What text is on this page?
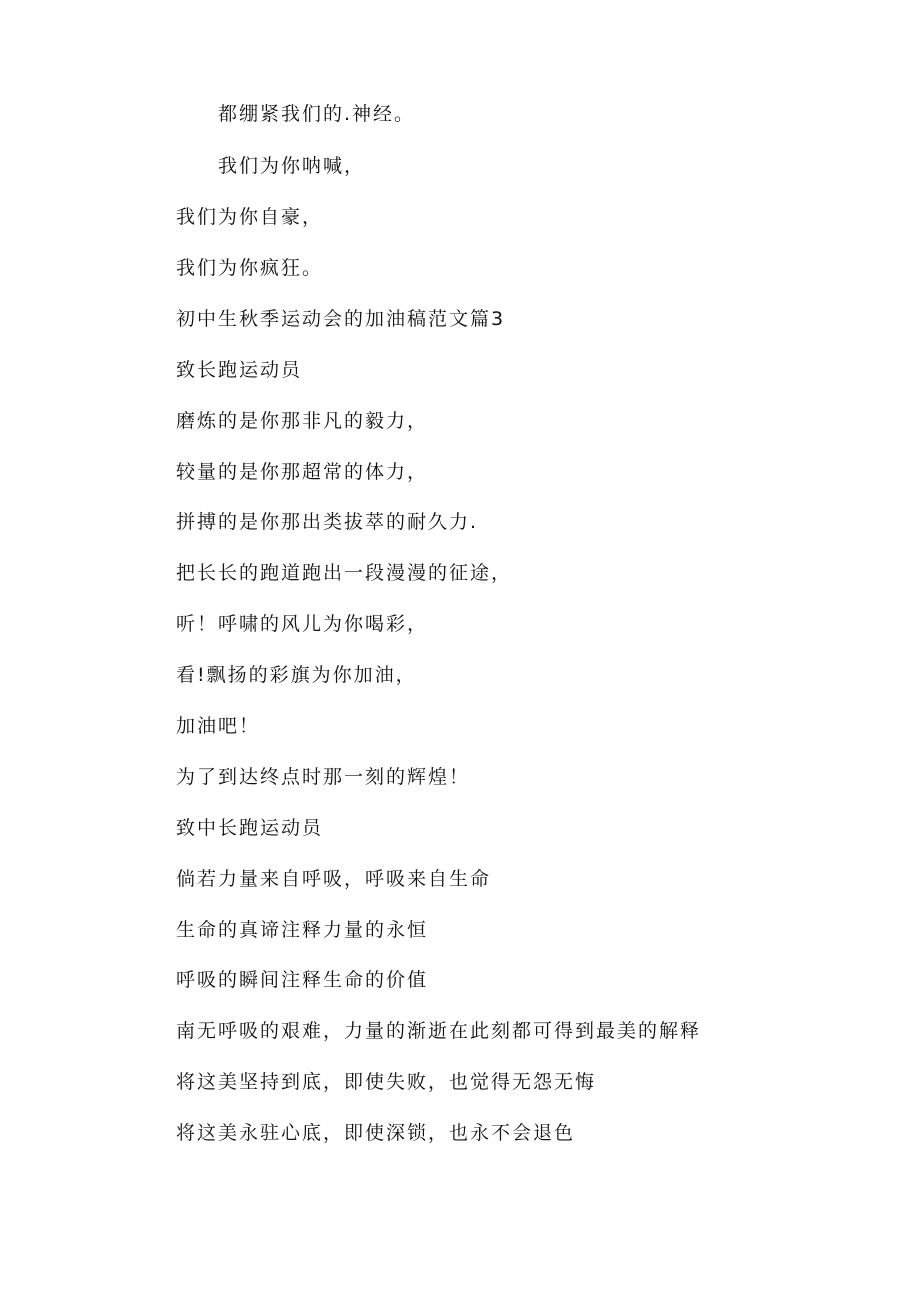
都绷紧我们的.神经。
我们为你呐喊，
我们为你自豪，
我们为你疯狂。
初中生秋季运动会的加油稿范文篇3
致长跑运动员
磨炼的是你那非凡的毅力，
较量的是你那超常的体力，
拼搏的是你那出类拔萃的耐久力.
把长长的跑道跑出一段漫漫的征途，
听！呼啸的风儿为你喝彩，
看!飘扬的彩旗为你加油，
加油吧！
为了到达终点时那一刻的辉煌！
致中长跑运动员
倘若力量来自呼吸，呼吸来自生命
生命的真谛注释力量的永恒
呼吸的瞬间注释生命的价值
南无呼吸的艰难，力量的渐逝在此刻都可得到最美的解释
将这美坚持到底，即使失败，也觉得无怨无悔
将这美永驻心底，即使深锁，也永不会退色
